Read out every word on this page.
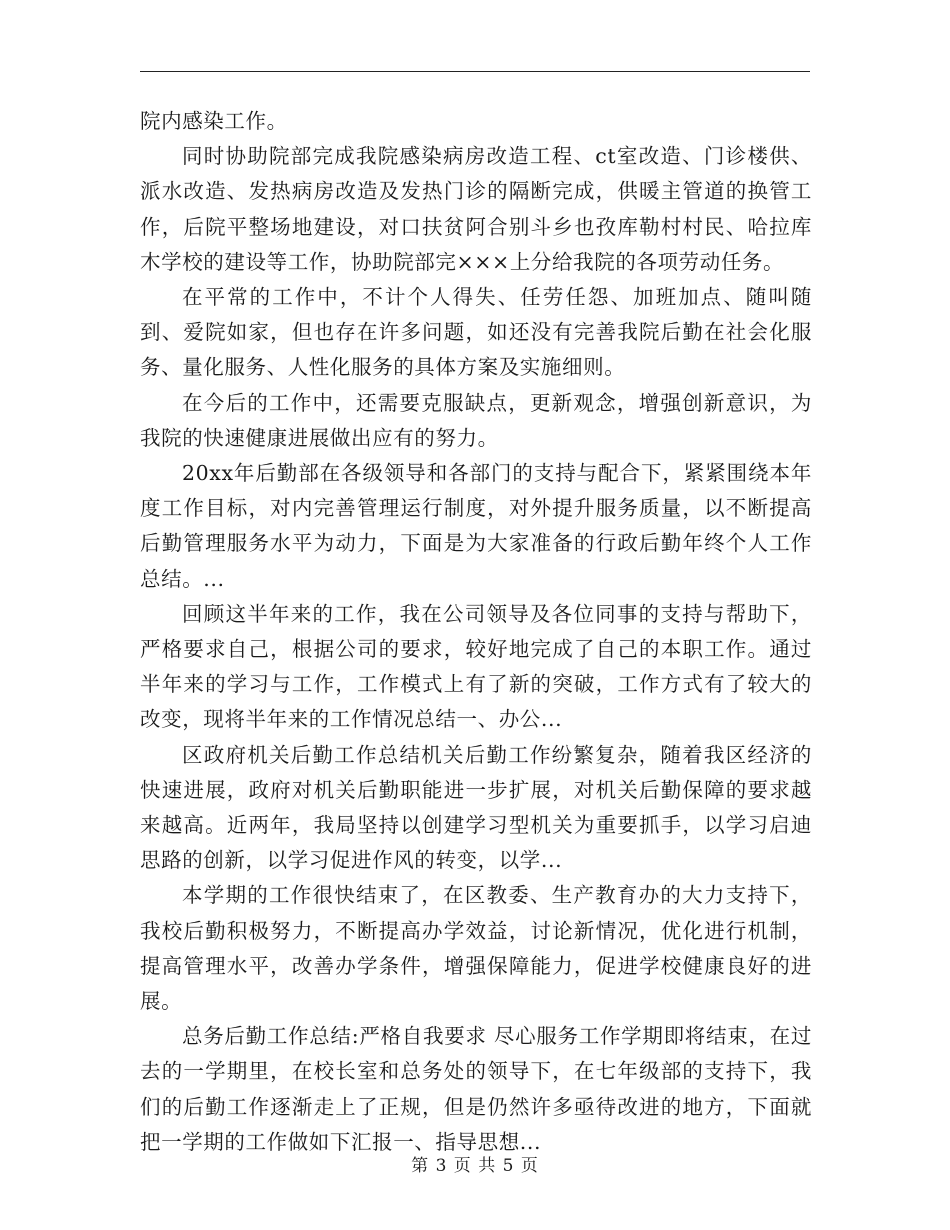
院内感染工作。

同时协助院部完成我院感染病房改造工程、ct室改造、门诊楼供、派水改造、发热病房改造及发热门诊的隔断完成，供暖主管道的换管工作，后院平整场地建设，对口扶贫阿合别斗乡也孜库勒村村民、哈拉库木学校的建设等工作，协助院部完×××上分给我院的各项劳动任务。

在平常的工作中，不计个人得失、任劳任怨、加班加点、随叫随到、爱院如家，但也存在许多问题，如还没有完善我院后勤在社会化服务、量化服务、人性化服务的具体方案及实施细则。

在今后的工作中，还需要克服缺点，更新观念，增强创新意识，为我院的快速健康进展做出应有的努力。

20xx年后勤部在各级领导和各部门的支持与配合下，紧紧围绕本年度工作目标，对内完善管理运行制度，对外提升服务质量，以不断提高后勤管理服务水平为动力，下面是为大家准备的行政后勤年终个人工作总结。...

回顾这半年来的工作，我在公司领导及各位同事的支持与帮助下，严格要求自己，根据公司的要求，较好地完成了自己的本职工作。通过半年来的学习与工作，工作模式上有了新的突破，工作方式有了较大的改变，现将半年来的工作情况总结一、办公...

区政府机关后勤工作总结机关后勤工作纷繁复杂，随着我区经济的快速进展，政府对机关后勤职能进一步扩展，对机关后勤保障的要求越来越高。近两年，我局坚持以创建学习型机关为重要抓手，以学习启迪思路的创新，以学习促进作风的转变，以学...

本学期的工作很快结束了，在区教委、生产教育办的大力支持下，我校后勤积极努力，不断提高办学效益，讨论新情况，优化进行机制，提高管理水平，改善办学条件，增强保障能力，促进学校健康良好的进展。

总务后勤工作总结:严格自我要求 尽心服务工作学期即将结束，在过去的一学期里，在校长室和总务处的领导下，在七年级部的支持下，我们的后勤工作逐渐走上了正规，但是仍然许多亟待改进的地方，下面就把一学期的工作做如下汇报一、指导思想...

第 3 页 共 5 页
